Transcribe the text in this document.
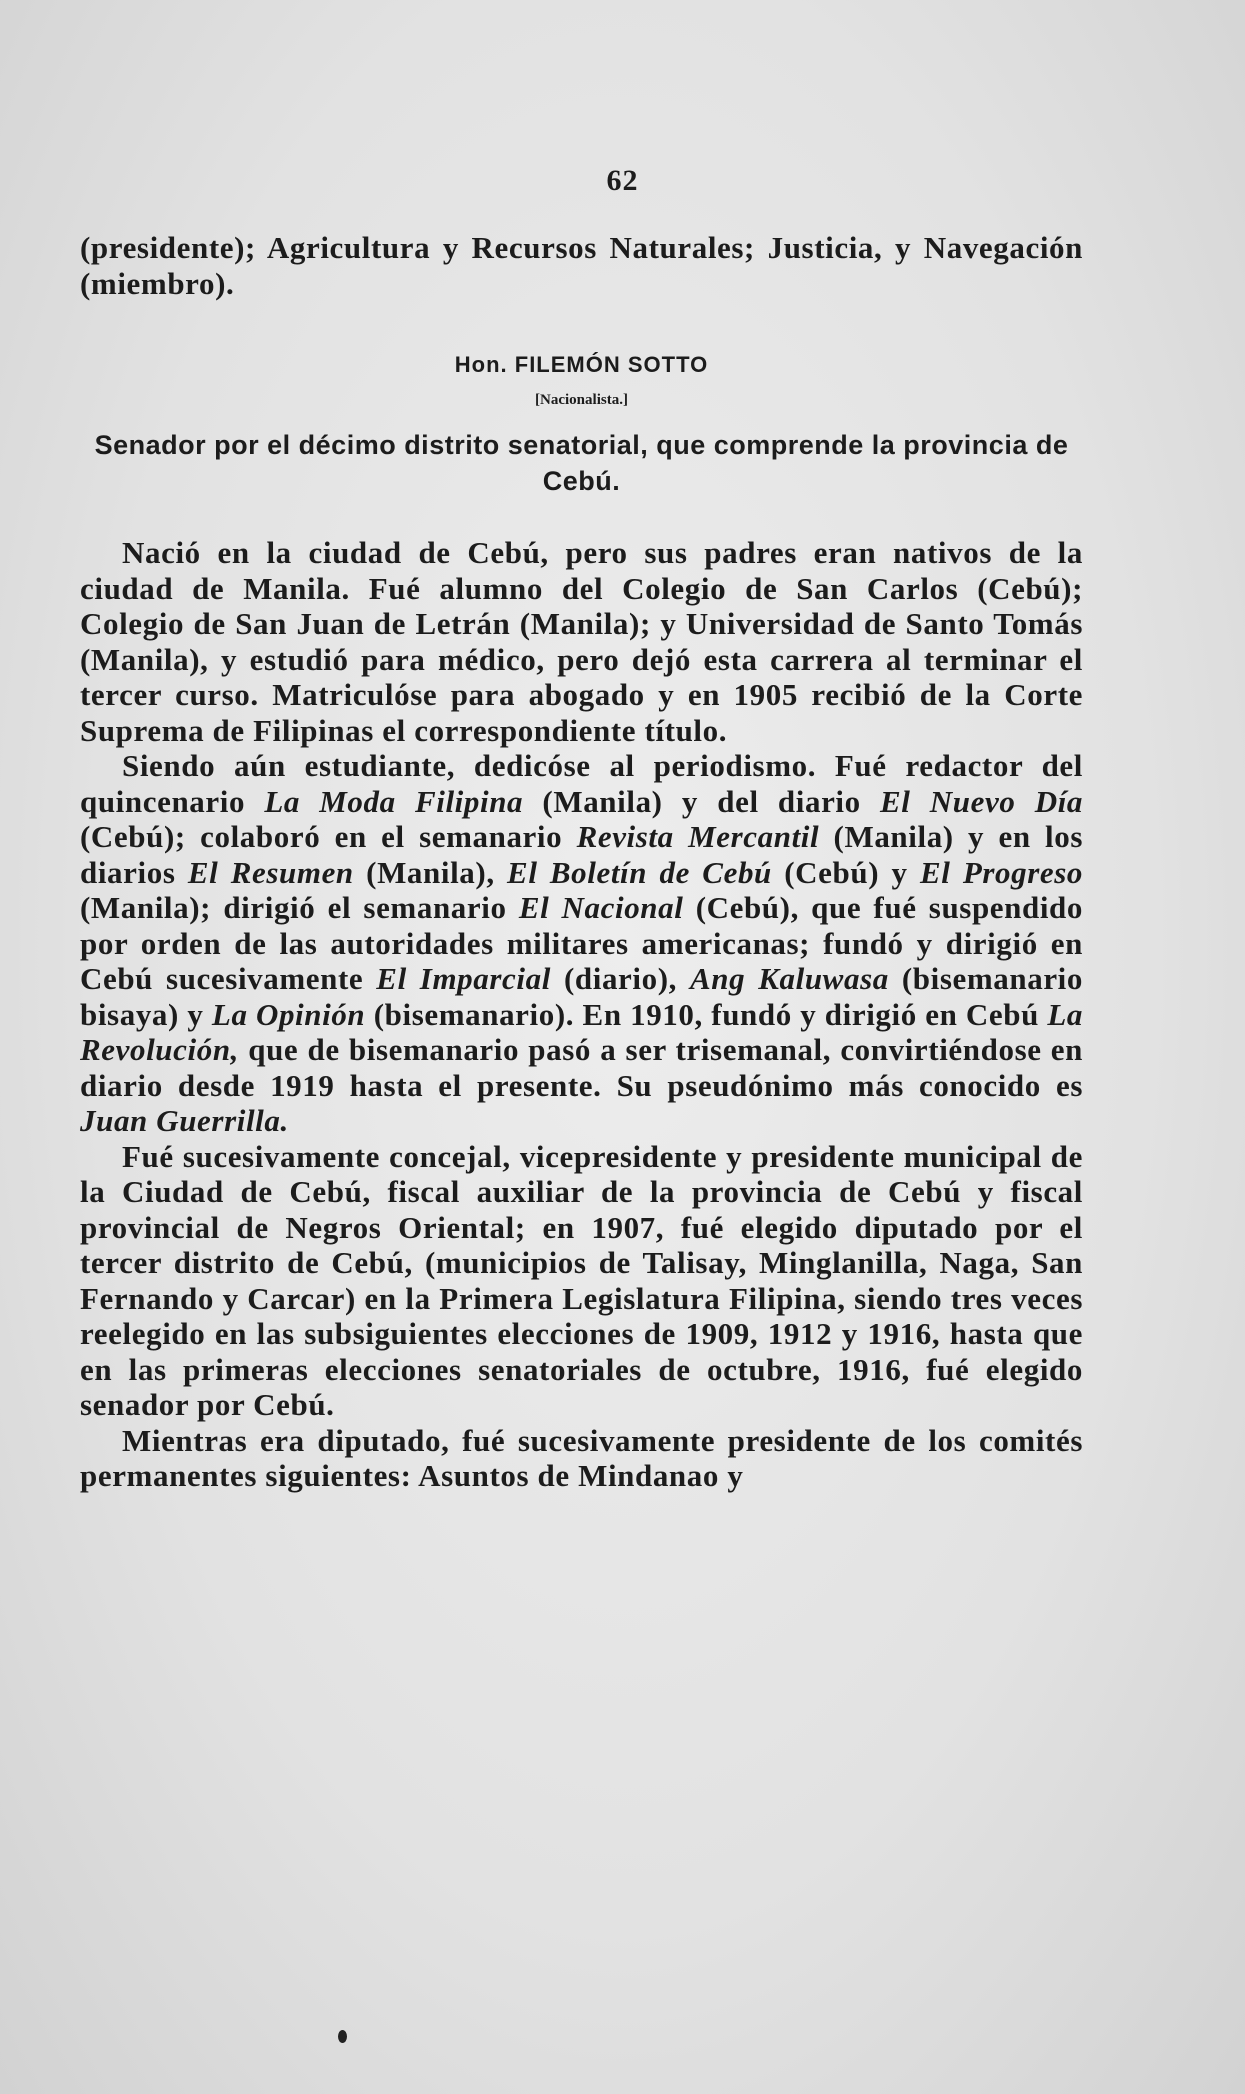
62

(presidente); Agricultura y Recursos Naturales; Justicia, y Navegación (miembro).

Hon. FILEMÓN SOTTO
[Nacionalista.]
Senador por el décimo distrito senatorial, que comprende la provincia de Cebú.

Nació en la ciudad de Cebú, pero sus padres eran nativos de la ciudad de Manila. Fué alumno del Colegio de San Carlos (Cebú); Colegio de San Juan de Letrán (Manila); y Universidad de Santo Tomás (Manila), y estudió para médico, pero dejó esta carrera al terminar el tercer curso. Matriculóse para abogado y en 1905 recibió de la Corte Suprema de Filipinas el correspondiente título.

Siendo aún estudiante, dedicóse al periodismo. Fué redactor del quincenario La Moda Filipina (Manila) y del diario El Nuevo Día (Cebú); colaboró en el semanario Revista Mercantil (Manila) y en los diarios El Resumen (Manila), El Boletín de Cebú (Cebú) y El Progreso (Manila); dirigió el semanario El Nacional (Cebú), que fué suspendido por orden de las autoridades militares americanas; fundó y dirigió en Cebú sucesivamente El Imparcial (diario), Ang Kaluwasa (bisemanario bisaya) y La Opinión (bisemanario). En 1910, fundó y dirigió en Cebú La Revolución, que de bisemanario pasó a ser trisemanal, convirtiéndose en diario desde 1919 hasta el presente. Su pseudónimo más conocido es Juan Guerrilla.

Fué sucesivamente concejal, vicepresidente y presidente municipal de la Ciudad de Cebú, fiscal auxiliar de la provincia de Cebú y fiscal provincial de Negros Oriental; en 1907, fué elegido diputado por el tercer distrito de Cebú, (municipios de Talisay, Minglanilla, Naga, San Fernando y Carcar) en la Primera Legislatura Filipina, siendo tres veces reelegido en las subsiguientes elecciones de 1909, 1912 y 1916, hasta que en las primeras elecciones senatoriales de octubre, 1916, fué elegido senador por Cebú.

Mientras era diputado, fué sucesivamente presidente de los comités permanentes siguientes: Asuntos de Mindanao y
